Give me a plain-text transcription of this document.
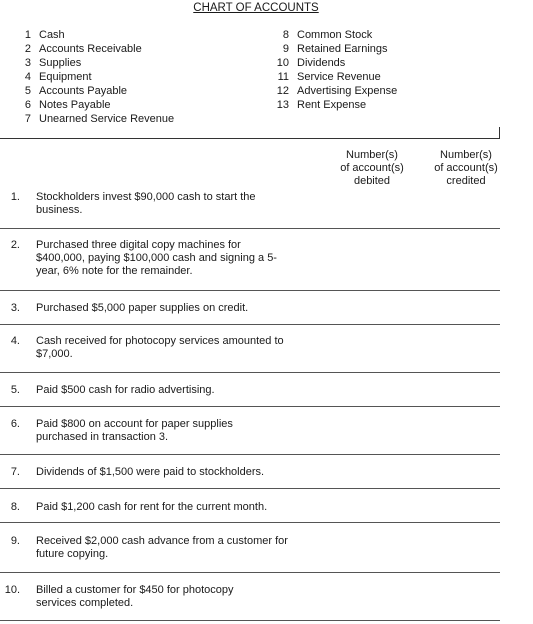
CHART OF ACCOUNTS
1 Cash
2 Accounts Receivable
3 Supplies
4 Equipment
5 Accounts Payable
6 Notes Payable
7 Unearned Service Revenue
8 Common Stock
9 Retained Earnings
10 Dividends
11 Service Revenue
12 Advertising Expense
13 Rent Expense
Number(s)
of account(s)
debited
Number(s)
of account(s)
credited
1. Stockholders invest $90,000 cash to start the business.
2. Purchased three digital copy machines for $400,000, paying $100,000 cash and signing a 5-year, 6% note for the remainder.
3. Purchased $5,000 paper supplies on credit.
4. Cash received for photocopy services amounted to $7,000.
5. Paid $500 cash for radio advertising.
6. Paid $800 on account for paper supplies purchased in transaction 3.
7. Dividends of $1,500 were paid to stockholders.
8. Paid $1,200 cash for rent for the current month.
9. Received $2,000 cash advance from a customer for future copying.
10. Billed a customer for $450 for photocopy services completed.
